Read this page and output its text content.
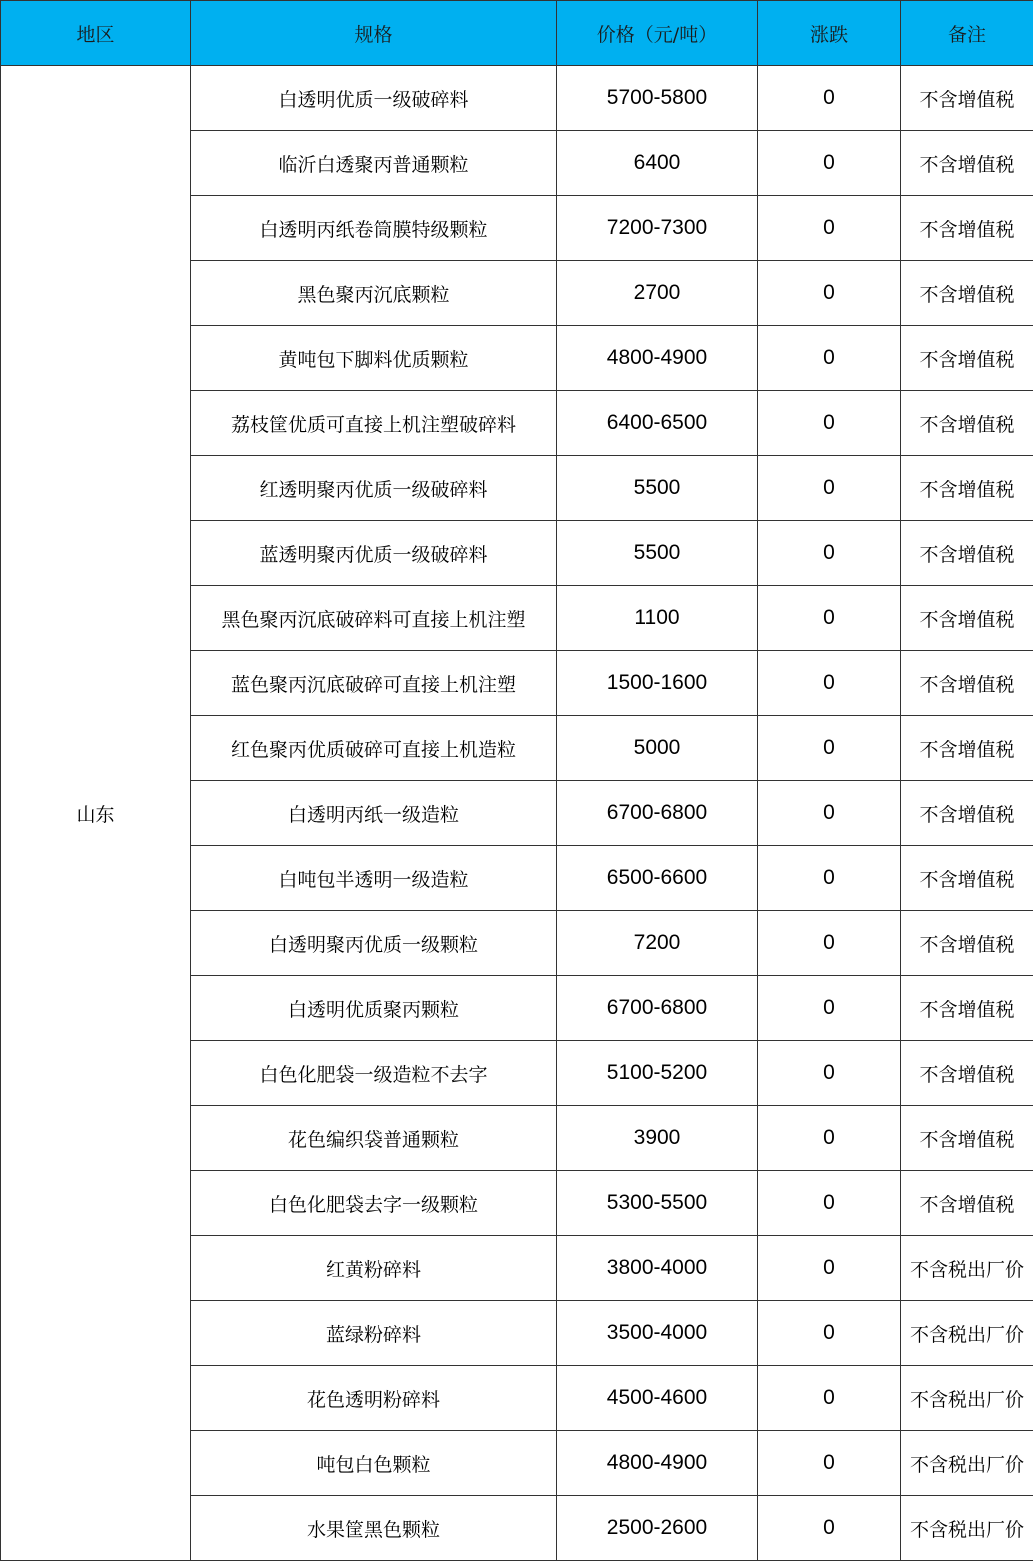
地区	规格	价格（元/吨）	涨跌	备注
山东	白透明优质一级破碎料	5700-5800	0	不含增值税
	临沂白透聚丙普通颗粒	6400	0	不含增值税
	白透明丙纸卷筒膜特级颗粒	7200-7300	0	不含增值税
	黑色聚丙沉底颗粒	2700	0	不含增值税
	黄吨包下脚料优质颗粒	4800-4900	0	不含增值税
	荔枝筐优质可直接上机注塑破碎料	6400-6500	0	不含增值税
	红透明聚丙优质一级破碎料	5500	0	不含增值税
	蓝透明聚丙优质一级破碎料	5500	0	不含增值税
	黑色聚丙沉底破碎料可直接上机注塑	1100	0	不含增值税
	蓝色聚丙沉底破碎可直接上机注塑	1500-1600	0	不含增值税
	红色聚丙优质破碎可直接上机造粒	5000	0	不含增值税
	白透明丙纸一级造粒	6700-6800	0	不含增值税
	白吨包半透明一级造粒	6500-6600	0	不含增值税
	白透明聚丙优质一级颗粒	7200	0	不含增值税
	白透明优质聚丙颗粒	6700-6800	0	不含增值税
	白色化肥袋一级造粒不去字	5100-5200	0	不含增值税
	花色编织袋普通颗粒	3900	0	不含增值税
	白色化肥袋去字一级颗粒	5300-5500	0	不含增值税
	红黄粉碎料	3800-4000	0	不含税出厂价
	蓝绿粉碎料	3500-4000	0	不含税出厂价
	花色透明粉碎料	4500-4600	0	不含税出厂价
	吨包白色颗粒	4800-4900	0	不含税出厂价
	水果筐黑色颗粒	2500-2600	0	不含税出厂价
